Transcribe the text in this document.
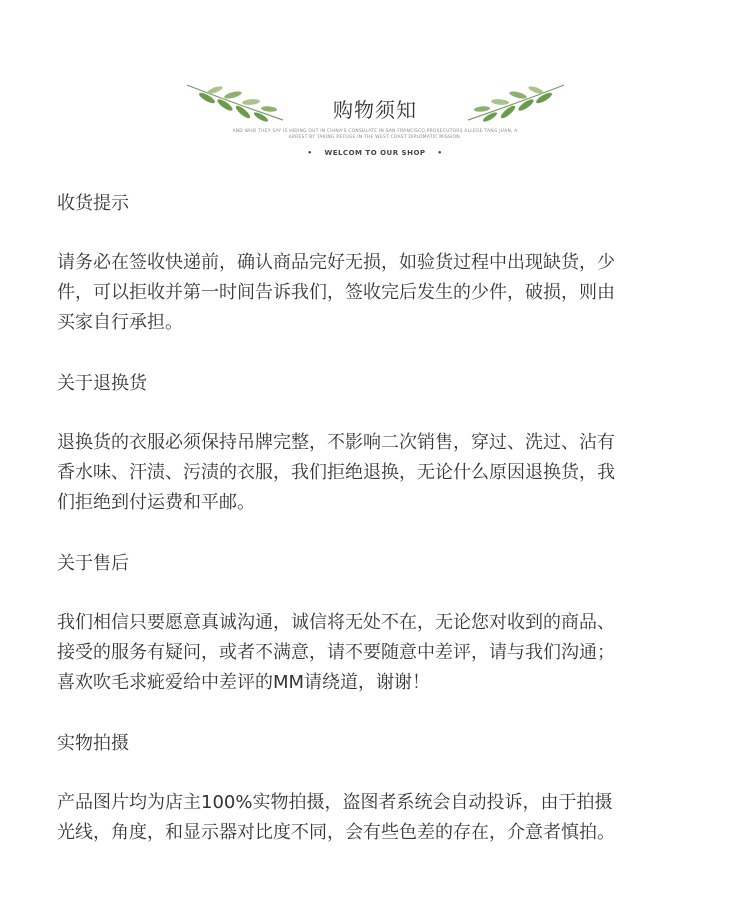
购物须知
AND WHO THEY SAY IS HIDING OUT IN CHINA'S CONSULATE IN SAN FRANCISCO,PROSECUTORS ALLEGE TANG JUAN, A
ARREST BY TAKING REFUGE IN THE WEST COAST DIPLOMATIC MISSION.
• WELCOM TO OUR SHOP •
收货提示
请务必在签收快递前，确认商品完好无损，如验货过程中出现缺货，少
件，可以拒收并第一时间告诉我们，签收完后发生的少件，破损，则由
买家自行承担。
关于退换货
退换货的衣服必须保持吊牌完整，不影响二次销售，穿过、洗过、沾有
香水味、汗渍、污渍的衣服，我们拒绝退换，无论什么原因退换货，我
们拒绝到付运费和平邮。
关于售后
我们相信只要愿意真诚沟通，诚信将无处不在，无论您对收到的商品、
接受的服务有疑问，或者不满意，请不要随意中差评，请与我们沟通；
喜欢吹毛求疵爱给中差评的MM请绕道，谢谢！
实物拍摄
产品图片均为店主100%实物拍摄，盗图者系统会自动投诉，由于拍摄
光线，角度，和显示器对比度不同，会有些色差的存在，介意者慎拍。
